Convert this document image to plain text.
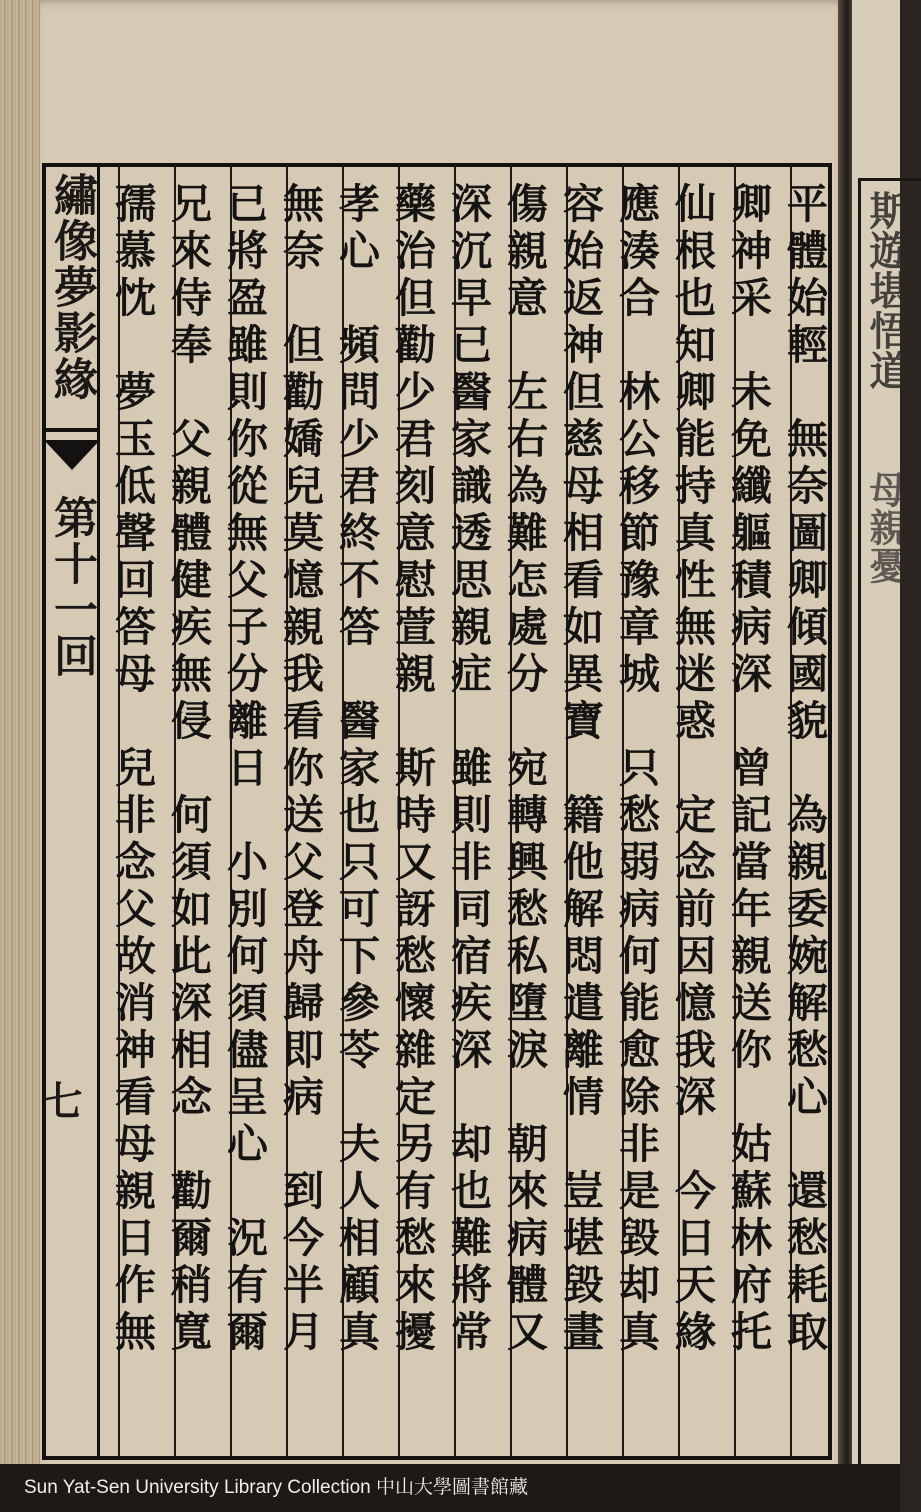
斯遊堪悟道
母親憂
繡像夢影緣
第十一回
七	平體始輕　無奈圖卿傾國貌　為親委婉解愁心　還愁耗取
卿神采　未免纖軀積病深　曾記當年親送你　姑蘇林府托
仙根也知卿能持真性無迷惑　定念前因憶我深　今日天緣
應湊合　林公移節豫章城　只愁弱病何能愈除非是毀却真
容始返神但慈母相看如異寶　籍他解悶遣離情　豈堪毀畫
傷親意　左右為難怎處分　宛轉興愁私墮淚　朝來病體又
深沉早已醫家識透思親症　雖則非同宿疾深　却也難將常
藥治但勸少君刻意慰萱親　斯時又訝愁懷雜定另有愁來擾
孝心　頻問少君終不答　醫家也只可下參苓　夫人相顧真
無奈　但勸嬌兒莫憶親我看你送父登舟歸即病　到今半月
已將盈雖則你從無父子分離日　小別何須儘呈心　況有爾
兄來侍奉　父親體健疾無侵　何須如此深相念　勸爾稍寬
孺慕忱　夢玉低聲回答母　兒非念父故消神看母親日作無
Sun Yat-Sen University Library Collection 中山大學圖書館藏
